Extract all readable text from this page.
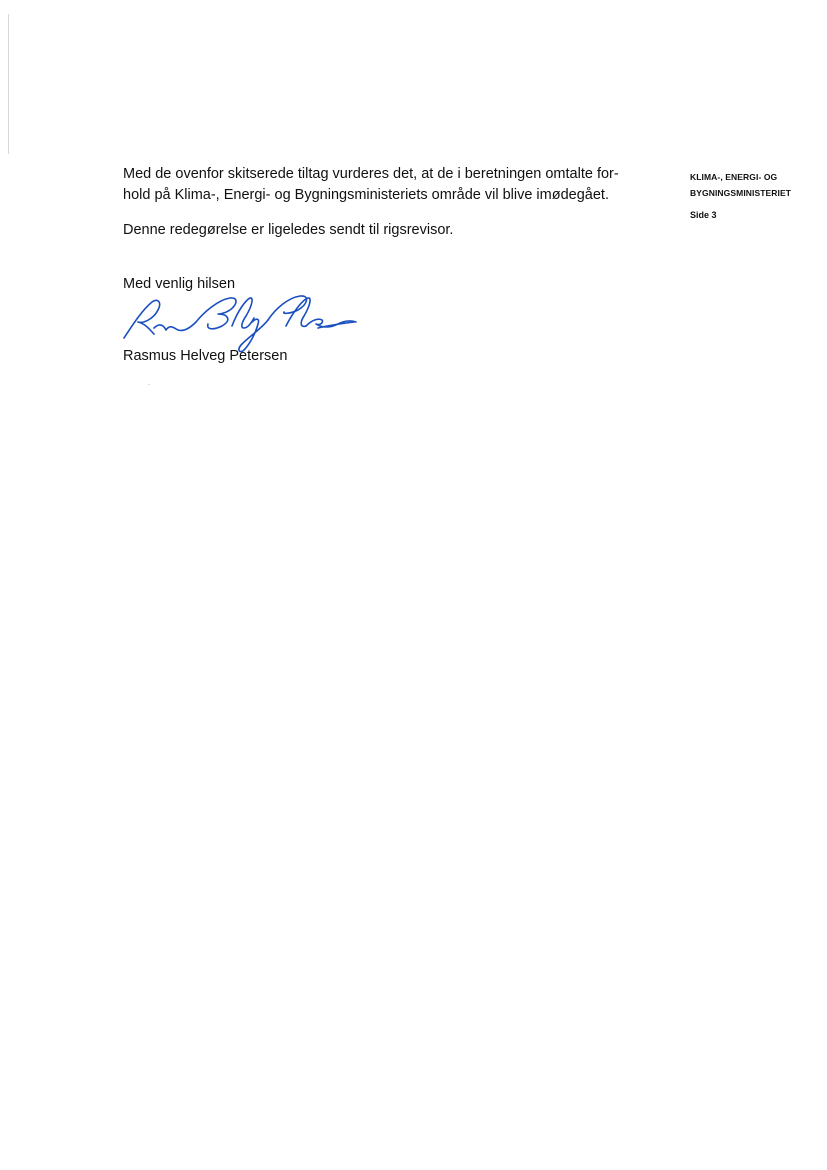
Med de ovenfor skitserede tiltag vurderes det, at de i beretningen omtalte for-hold på Klima-, Energi- og Bygningsministeriets område vil blive imødegået.

Denne redegørelse er ligeledes sendt til rigsrevisor.

Med venlig hilsen

Rasmus Helveg Petersen

KLIMA-, ENERGI- OG
BYGNINGSMINISTERIET
Side 3
